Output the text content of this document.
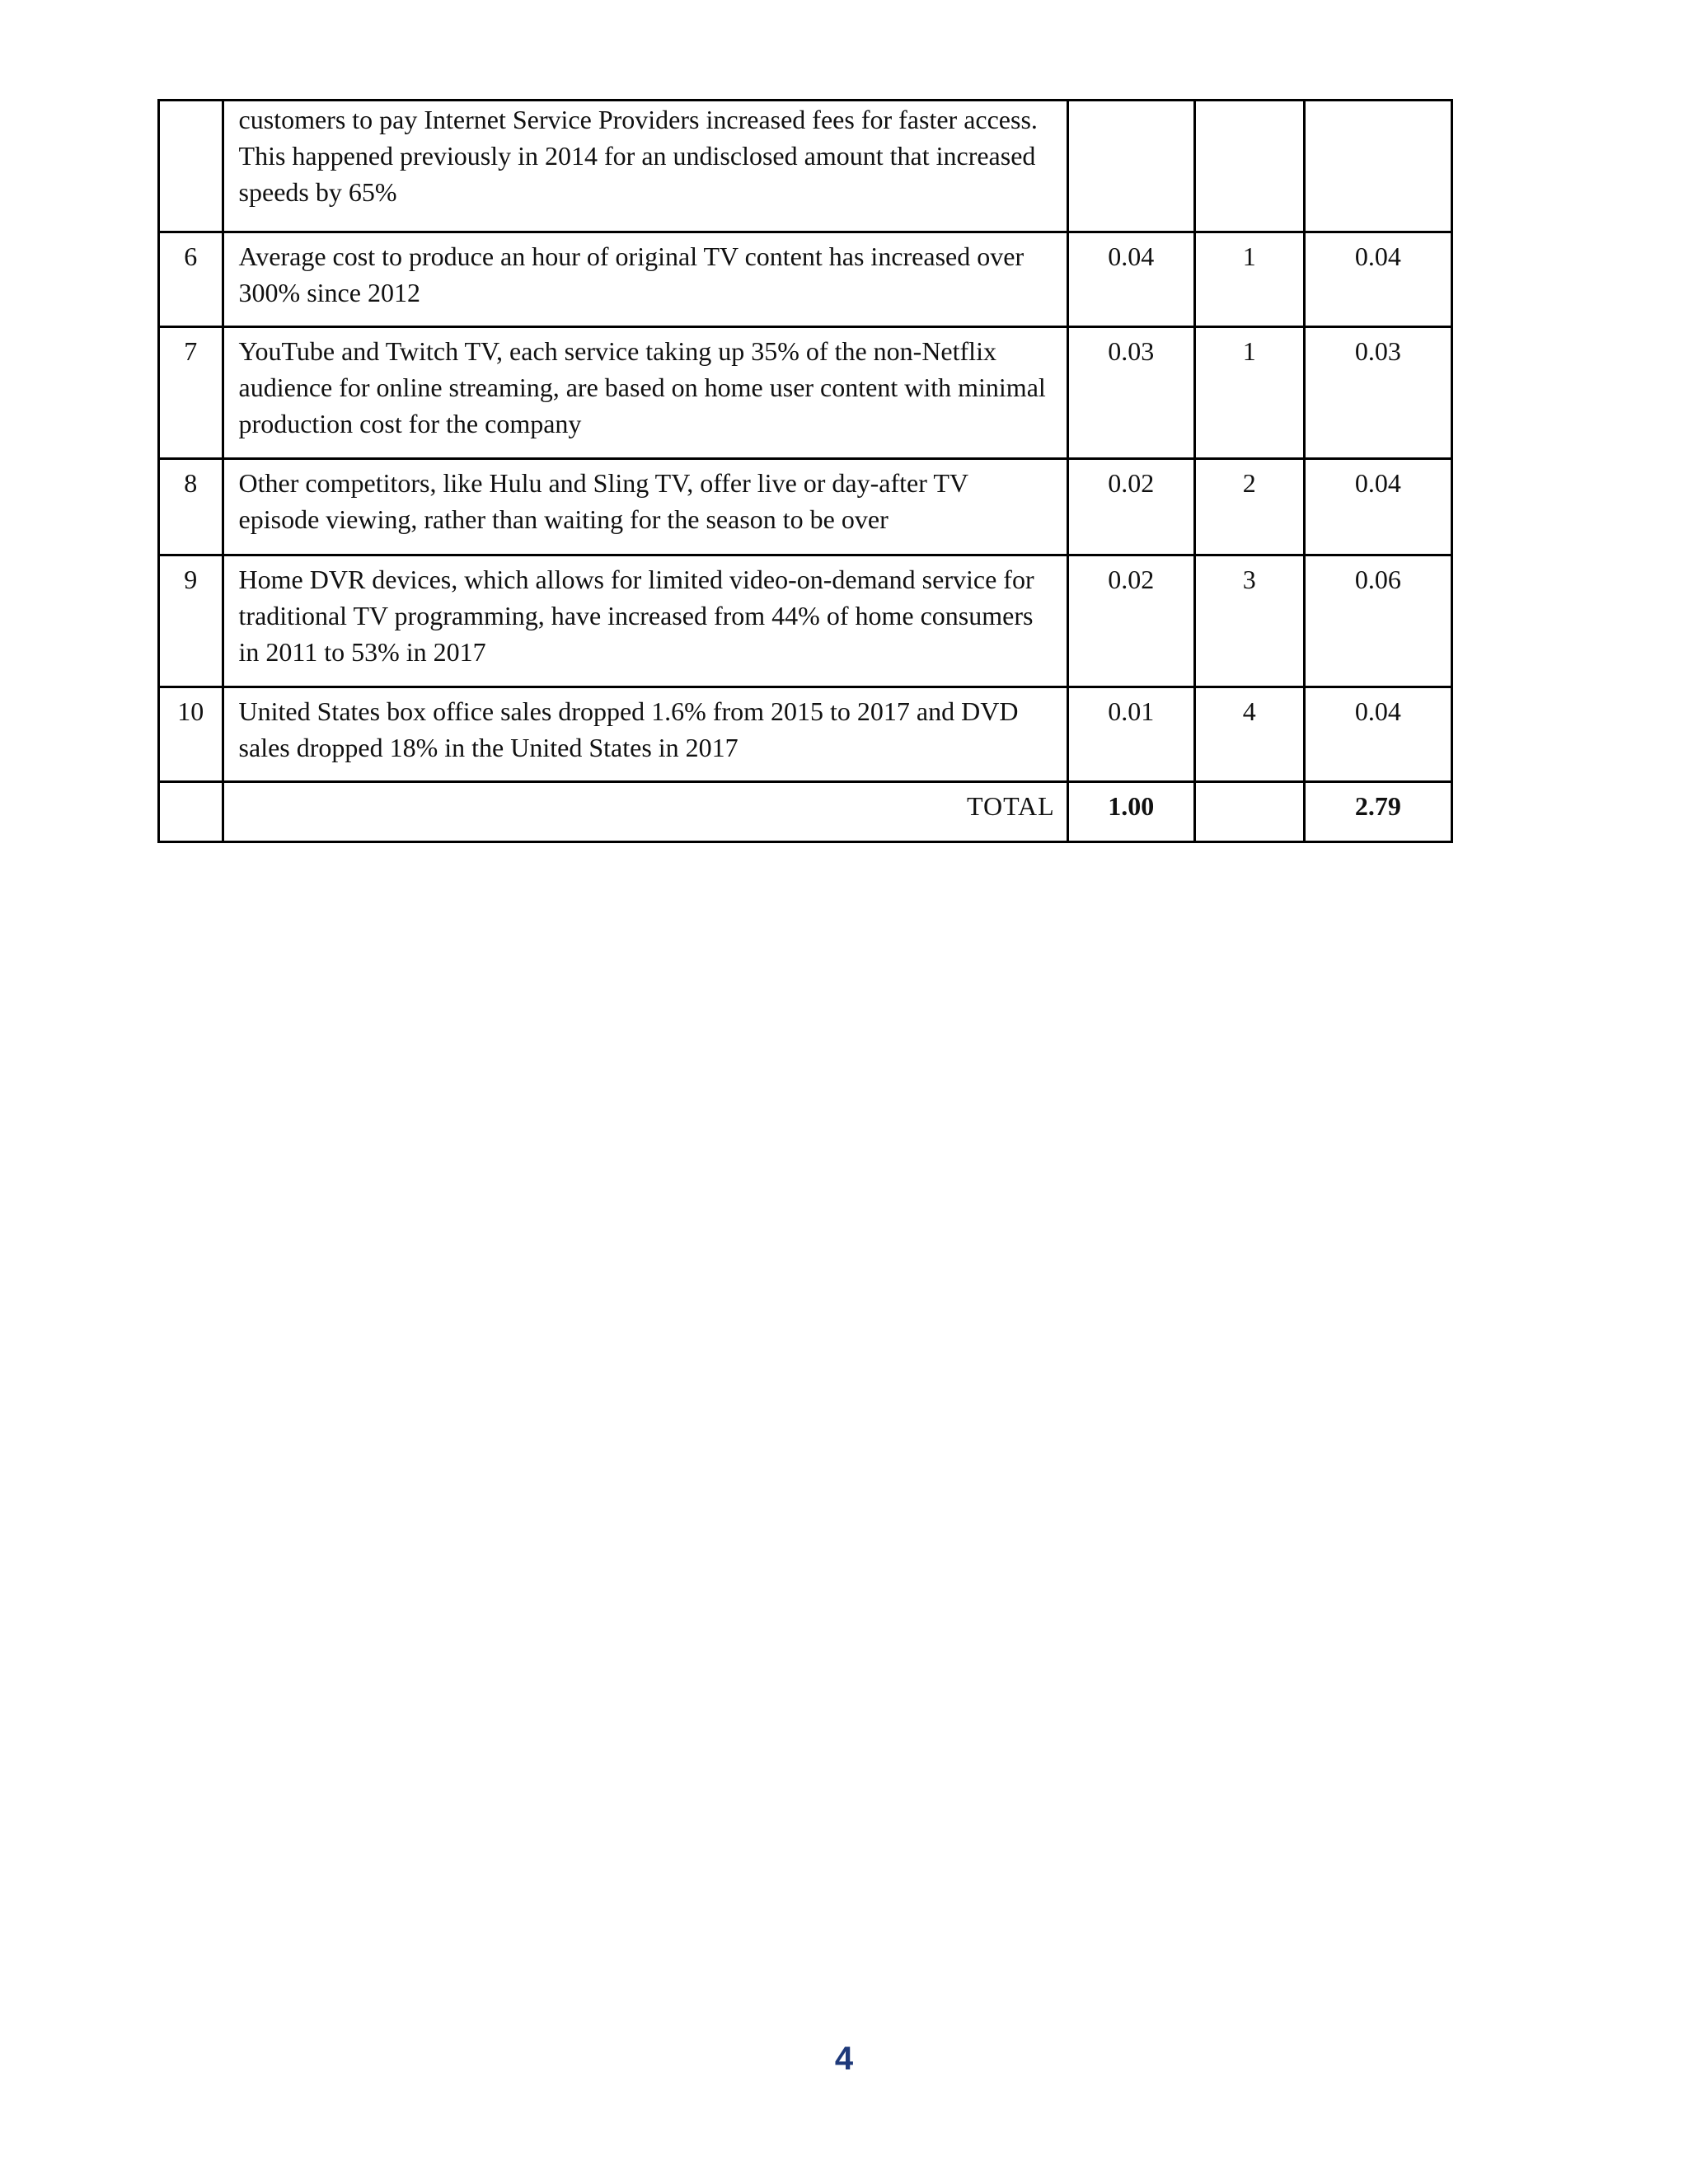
	customers to pay Internet Service Providers increased fees for faster access. This happened previously in 2014 for an undisclosed amount that increased speeds by 65%			

6	Average cost to produce an hour of original TV content has increased over 300% since 2012	0.04	1	0.04

7	YouTube and Twitch TV, each service taking up 35% of the non-Netflix audience for online streaming, are based on home user content with minimal production cost for the company	0.03	1	0.03

8	Other competitors, like Hulu and Sling TV, offer live or day-after TV episode viewing, rather than waiting for the season to be over	0.02	2	0.04

9	Home DVR devices, which allows for limited video-on-demand service for traditional TV programming, have increased from 44% of home consumers in 2011 to 53% in 2017	0.02	3	0.06

10	United States box office sales dropped 1.6% from 2015 to 2017 and DVD sales dropped 18% in the United States in 2017	0.01	4	0.04

	TOTAL	1.00		2.79
4
